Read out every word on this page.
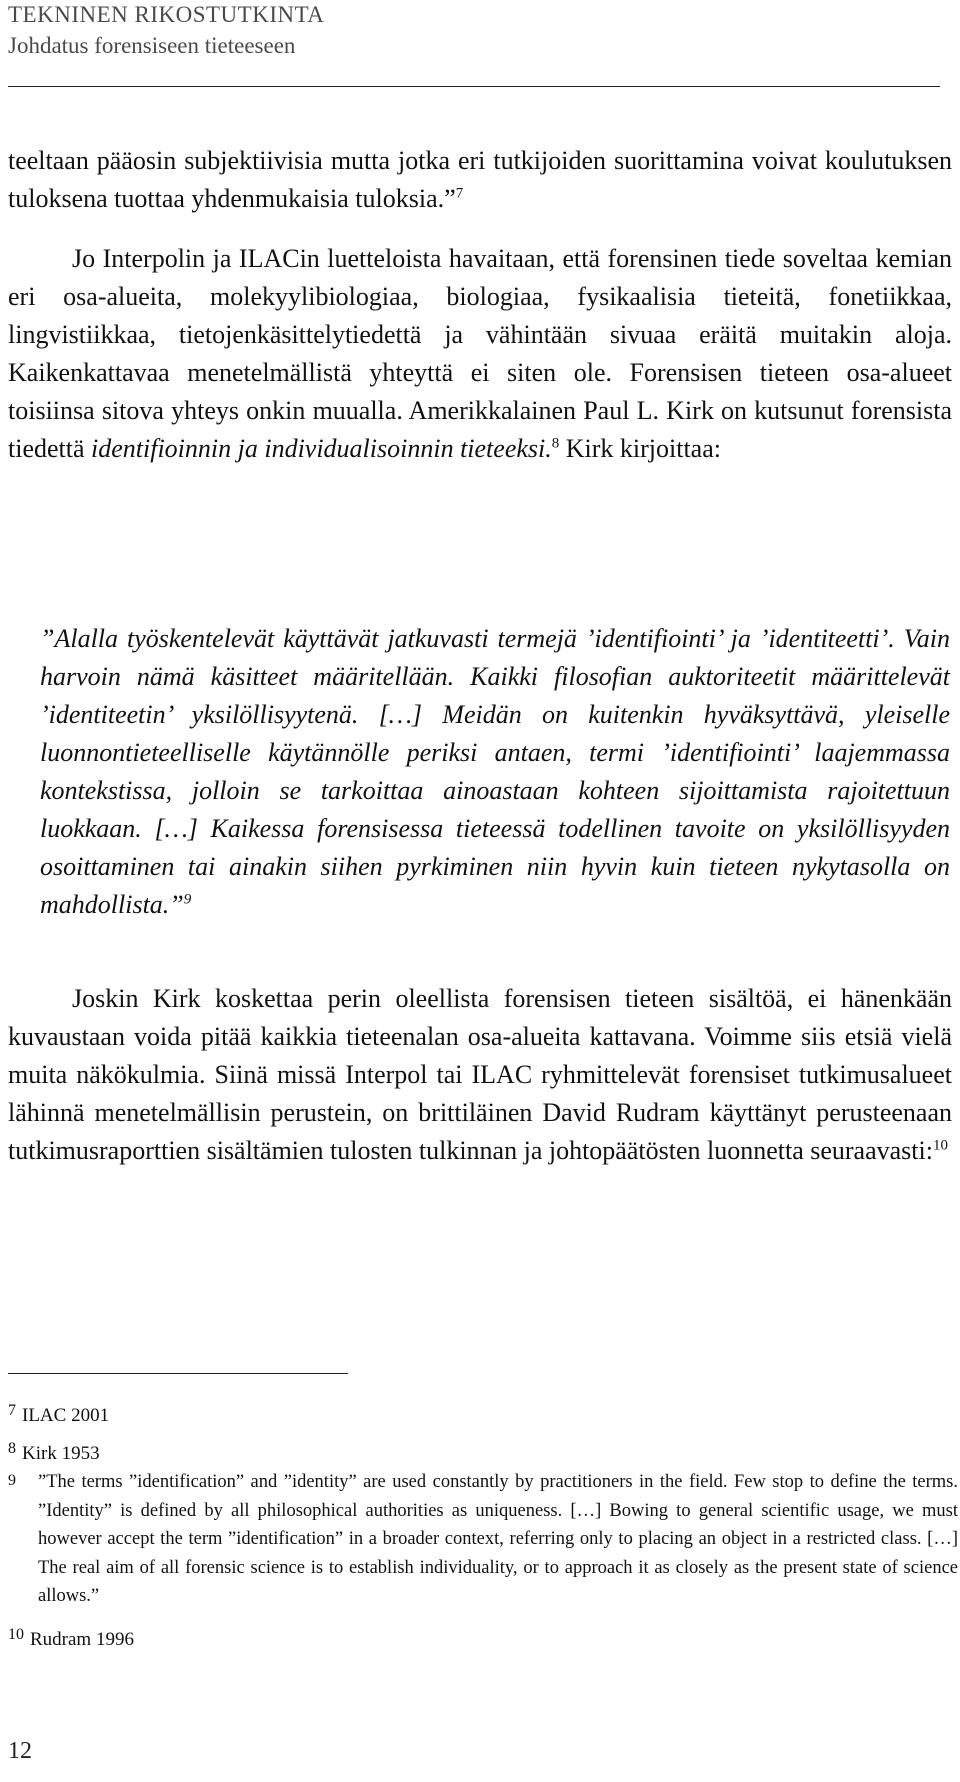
TEKNINEN RIKOSTUTKINTA
Johdatus forensiseen tieteeseen
teeltaan pääosin subjektiivisia mutta jotka eri tutkijoiden suorittamina voivat koulutuksen tuloksena tuottaa yhdenmukaisia tuloksia.”$^7$
Jo Interpolin ja ILACin luetteloista havaitaan, että forensinen tiede soveltaa kemian eri osa-alueita, molekyylibiologiaa, biologiaa, fysikaalisia tieteitä, fonetiikkaa, lingvistiikkaa, tietojenkäsittelytiedettä ja vähintään sivuaa eräitä muitakin aloja. Kaikenkattavaa menetelmällistä yhteyttä ei siten ole. Forensisen tieteen osa-alueet toisiinsa sitova yhteys onkin muualla. Amerikkalainen Paul L. Kirk on kutsunut forensista tiedettä identifioinnin ja individualisoinnin tieteeksi.$^8$ Kirk kirjoittaa:
”Alalla työskentelevät käyttävät jatkuvasti termejä ’identifiointi’ ja ’identiteetti’. Vain harvoin nämä käsitteet määritellään. Kaikki filosofian auktoriteetit määrittelevät ’identiteetin’ yksilöllisyytenä. […] Meidän on kuitenkin hyväksyttävä, yleiselle luonnontieteelliselle käytännölle periksi antaen, termi ’identifiointi’ laajemmassa kontekstissa, jolloin se tarkoittaa ainoastaan kohteen sijoittamista rajoitettuun luokkaan. […] Kaikessa forensisessa tieteessä todellinen tavoite on yksilöllisyyden osoittaminen tai ainakin siihen pyrkiminen niin hyvin kuin tieteen nykytasolla on mahdollista.”$^9$
Joskin Kirk koskettaa perin oleellista forensisen tieteen sisältöä, ei hänenkään kuvaustaan voida pitää kaikkia tieteenalan osa-alueita kattavana. Voimme siis etsiä vielä muita näkökulmia. Siinä missä Interpol tai ILAC ryhmittelevät forensiset tutkimusalueet lähinnä menetelmällisin perustein, on brittiläinen David Rudram käyttänyt perusteenaan tutkimusraporttien sisältämien tulosten tulkinnan ja johtopäätösten luonnetta seuraavasti:$^{10}$
$^7$ ILAC 2001
$^8$ Kirk 1953
9 ”The terms ”identification” and ”identity” are used constantly by practitioners in the field. Few stop to define the terms. ”Identity” is defined by all philosophical authorities as uniqueness. […] Bowing to general scientific usage, we must however accept the term ”identification” in a broader context, referring only to placing an object in a restricted class. […] The real aim of all forensic science is to establish individuality, or to approach it as closely as the present state of science allows.”
$^{10}$ Rudram 1996
12
